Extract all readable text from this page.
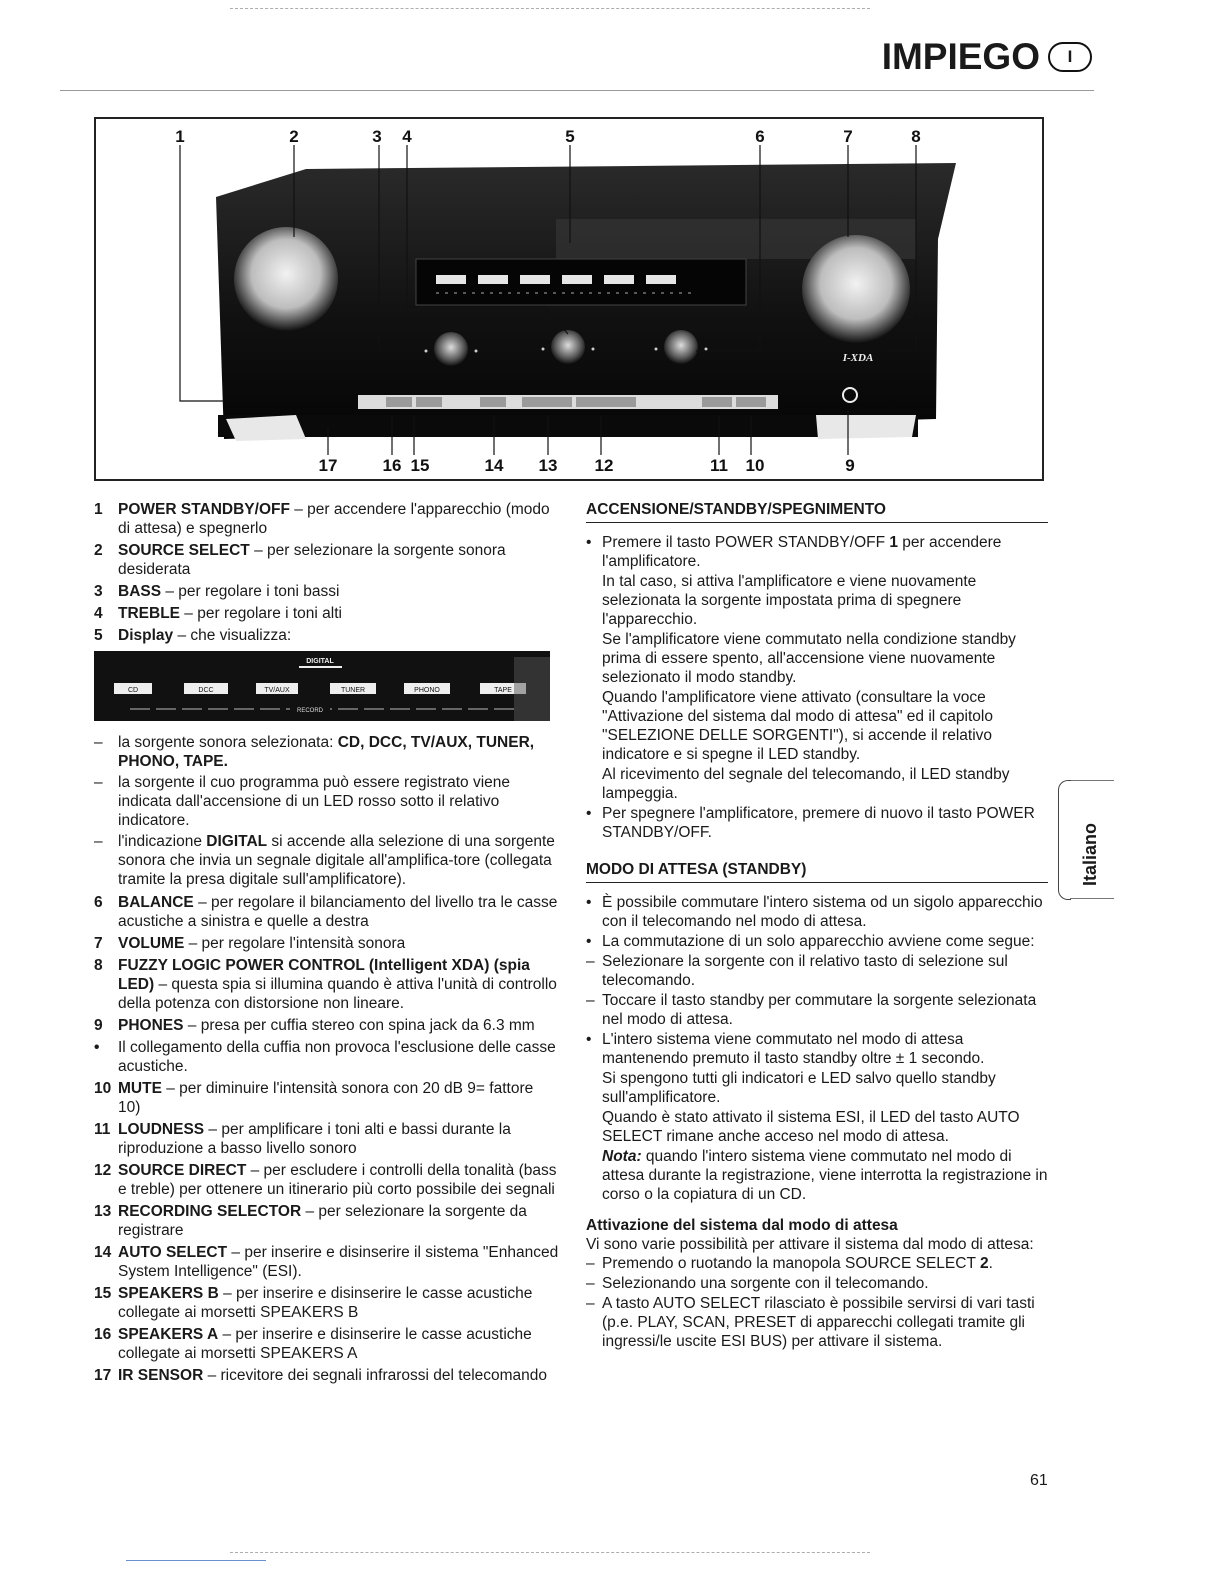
IMPIEGO	I
I-XDA
1	2	3 4	5	6	7	8
17	16 15	14 13 12	11 10	9
1 POWER STANDBY/OFF – per accendere l'apparecchio (modo di attesa) e spegnerlo
2 SOURCE SELECT – per selezionare la sorgente sonora desiderata
3 BASS – per regolare i toni bassi
4 TREBLE – per regolare i toni alti
5 Display – che visualizza:
DIGITAL
CD	DCC	TV/AUX	TUNER	PHONO	TAPE
RECORD
– la sorgente sonora selezionata: CD, DCC, TV/AUX, TUNER, PHONO, TAPE.
– la sorgente il cuo programma può essere registrato viene indicata dall'accensione di un LED rosso sotto il relativo indicatore.
– l'indicazione DIGITAL si accende alla selezione di una sorgente sonora che invia un segnale digitale all'amplifica-tore (collegata tramite la presa digitale sull'amplificatore).
6 BALANCE – per regolare il bilanciamento del livello tra le casse acustiche a sinistra e quelle a destra
7 VOLUME – per regolare l'intensità sonora
8 FUZZY LOGIC POWER CONTROL (Intelligent XDA) (spia LED) – questa spia si illumina quando è attiva l'unità di controllo della potenza con distorsione non lineare.
9 PHONES – presa per cuffia stereo con spina jack da 6.3 mm
•	Il collegamento della cuffia non provoca l'esclusione delle casse acustiche.
10 MUTE – per diminuire l'intensità sonora con 20 dB 9= fattore 10)
11 LOUDNESS – per amplificare i toni alti e bassi durante la riproduzione a basso livello sonoro
12 SOURCE DIRECT – per escludere i controlli della tonalità (bass e treble) per ottenere un itinerario più corto possibile dei segnali
13 RECORDING SELECTOR – per selezionare la sorgente da registrare
14 AUTO SELECT – per inserire e disinserire il sistema "Enhanced System Intelligence" (ESI).
15 SPEAKERS B – per inserire e disinserire le casse acustiche collegate ai morsetti SPEAKERS B
16 SPEAKERS A – per inserire e disinserire le casse acustiche collegate ai morsetti SPEAKERS A
17 IR SENSOR – ricevitore dei segnali infrarossi del telecomando
ACCENSIONE/STANDBY/SPEGNIMENTO
• Premere il tasto POWER STANDBY/OFF 1 per accendere l'amplificatore.
In tal caso, si attiva l'amplificatore e viene nuovamente selezionata la sorgente impostata prima di spegnere l'apparecchio.
Se l'amplificatore viene commutato nella condizione standby prima di essere spento, all'accensione viene nuovamente selezionato il modo standby.
Quando l'amplificatore viene attivato (consultare la voce "Attivazione del sistema dal modo di attesa" ed il capitolo "SELEZIONE DELLE SORGENTI"), si accende il relativo indicatore e si spegne il LED standby.
Al ricevimento del segnale del telecomando, il LED standby lampeggia.
• Per spegnere l'amplificatore, premere di nuovo il tasto POWER STANDBY/OFF.
MODO DI ATTESA (STANDBY)
• È possibile commutare l'intero sistema od un sigolo apparecchio con il telecomando nel modo di attesa.
• La commutazione di un solo apparecchio avviene come segue:
– Selezionare la sorgente con il relativo tasto di selezione sul telecomando.
– Toccare il tasto standby per commutare la sorgente selezionata nel modo di attesa.
• L'intero sistema viene commutato nel modo di attesa mantenendo premuto il tasto standby oltre ± 1 secondo.
Si spengono tutti gli indicatori e LED salvo quello standby sull'amplificatore.
Quando è stato attivato il sistema ESI, il LED del tasto AUTO SELECT rimane anche acceso nel modo di attesa.
Nota: quando l'intero sistema viene commutato nel modo di attesa durante la registrazione, viene interrotta la registrazione in corso o la copiatura di un CD.
Attivazione del sistema dal modo di attesa
Vi sono varie possibilità per attivare il sistema dal modo di attesa:
– Premendo o ruotando la manopola SOURCE SELECT 2.
– Selezionando una sorgente con il telecomando.
– A tasto AUTO SELECT rilasciato è possibile servirsi di vari tasti (p.e. PLAY, SCAN, PRESET di apparecchi collegati tramite gli ingressi/le uscite ESI BUS) per attivare il sistema.
Italiano
61
